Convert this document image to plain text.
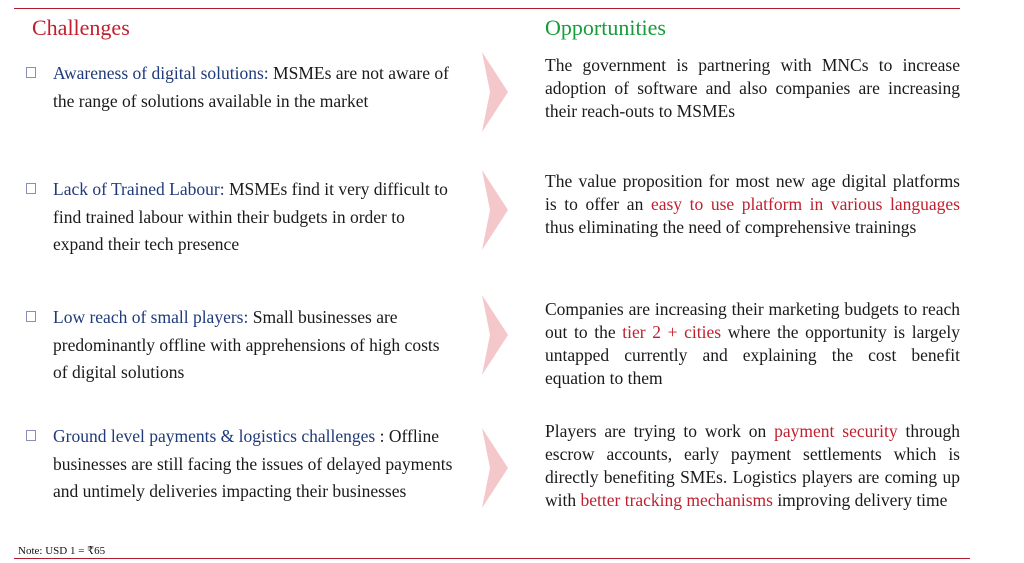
Challenges	Opportunities
Awareness of digital solutions: MSMEs are not aware of the range of solutions available in the market
Lack of Trained Labour: MSMEs find it very difficult to find trained labour within their budgets in order to expand their tech presence
Low reach of small players: Small businesses are predominantly offline with apprehensions of high costs of digital solutions
Ground level payments & logistics challenges : Offline businesses are still facing the issues of delayed payments and untimely deliveries impacting their businesses
The government is partnering with MNCs to increase adoption of software and also companies are increasing their reach-outs to MSMEs
The value proposition for most new age digital platforms is to offer an easy to use platform in various languages thus eliminating the need of comprehensive trainings
Companies are increasing their marketing budgets to reach out to the tier 2 + cities where the opportunity is largely untapped currently and explaining the cost benefit equation to them
Players are trying to work on payment security through escrow accounts, early payment settlements which is directly benefiting SMEs. Logistics players are coming up with better tracking mechanisms improving delivery time
Note: USD 1 = ₹65
